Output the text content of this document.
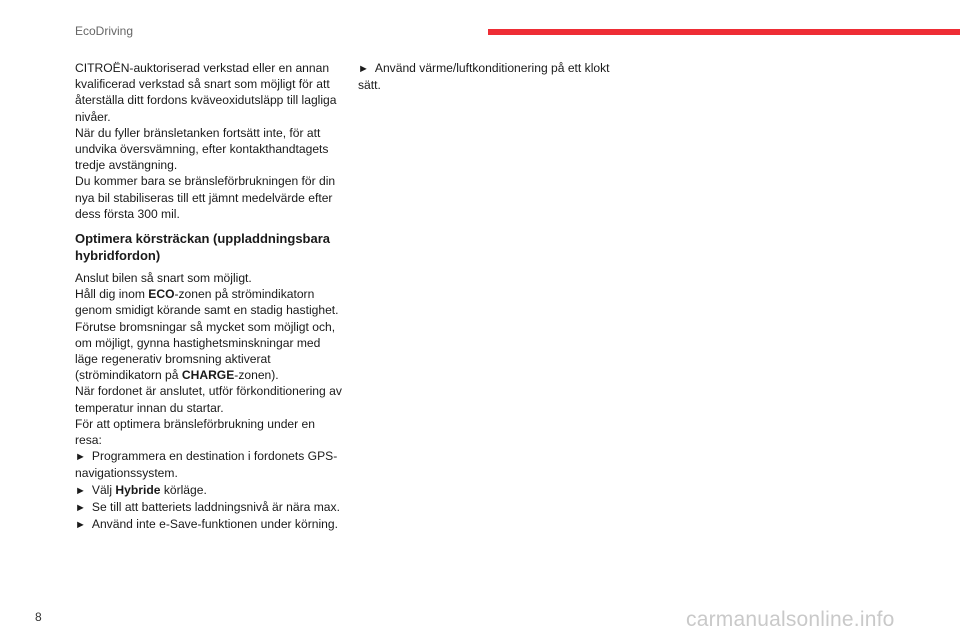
EcoDriving

CITROËN-auktoriserad verkstad eller en annan kvalificerad verkstad så snart som möjligt för att återställa ditt fordons kväveoxidutsläpp till lagliga nivåer.

När du fyller bränsletanken fortsätt inte, för att undvika översvämning, efter kontakthandtagets tredje avstängning.

Du kommer bara se bränsleförbrukningen för din nya bil stabiliseras till ett jämnt medelvärde efter dess första 300 mil.

Optimera körsträckan (uppladdningsbara hybridfordon)

Anslut bilen så snart som möjligt.

Håll dig inom ECO-zonen på strömindikatorn genom smidigt körande samt en stadig hastighet.

Förutse bromsningar så mycket som möjligt och, om möjligt, gynna hastighetsminskningar med läge regenerativ bromsning aktiverat (strömindikatorn på CHARGE-zonen).

När fordonet är anslutet, utför förkonditionering av temperatur innan du startar.

För att optimera bränsleförbrukning under en resa:

► Programmera en destination i fordonets GPS-navigationssystem.

► Välj Hybride körläge.

► Se till att batteriets laddningsnivå är nära max.

► Använd inte e-Save-funktionen under körning.

► Använd värme/luftkonditionering på ett klokt sätt.

8	carmanualsonline.info
